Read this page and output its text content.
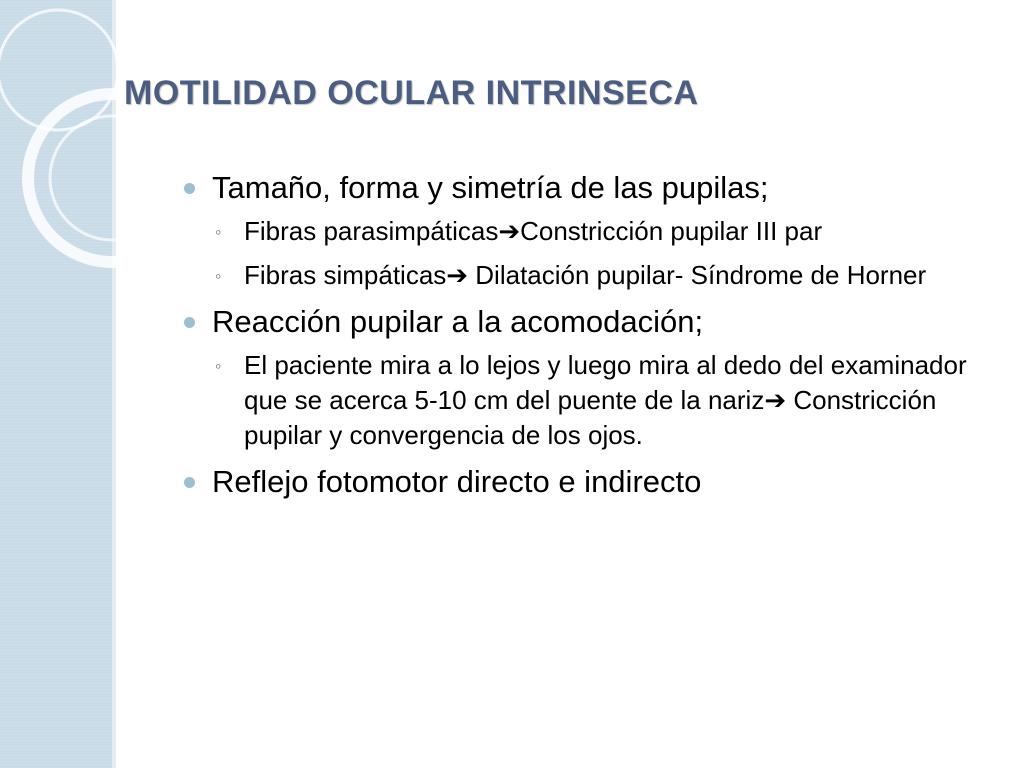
MOTILIDAD OCULAR INTRINSECA
Tamaño, forma y simetría de las pupilas;
◦ Fibras parasimpáticas➔Constricción pupilar III par
◦ Fibras simpáticas➔ Dilatación pupilar- Síndrome de Horner
Reacción pupilar a la acomodación;
◦ El paciente mira a lo lejos y luego mira al dedo del examinador que se acerca 5-10 cm del puente de la nariz➔ Constricción pupilar y convergencia de los ojos.
Reflejo fotomotor directo e indirecto
